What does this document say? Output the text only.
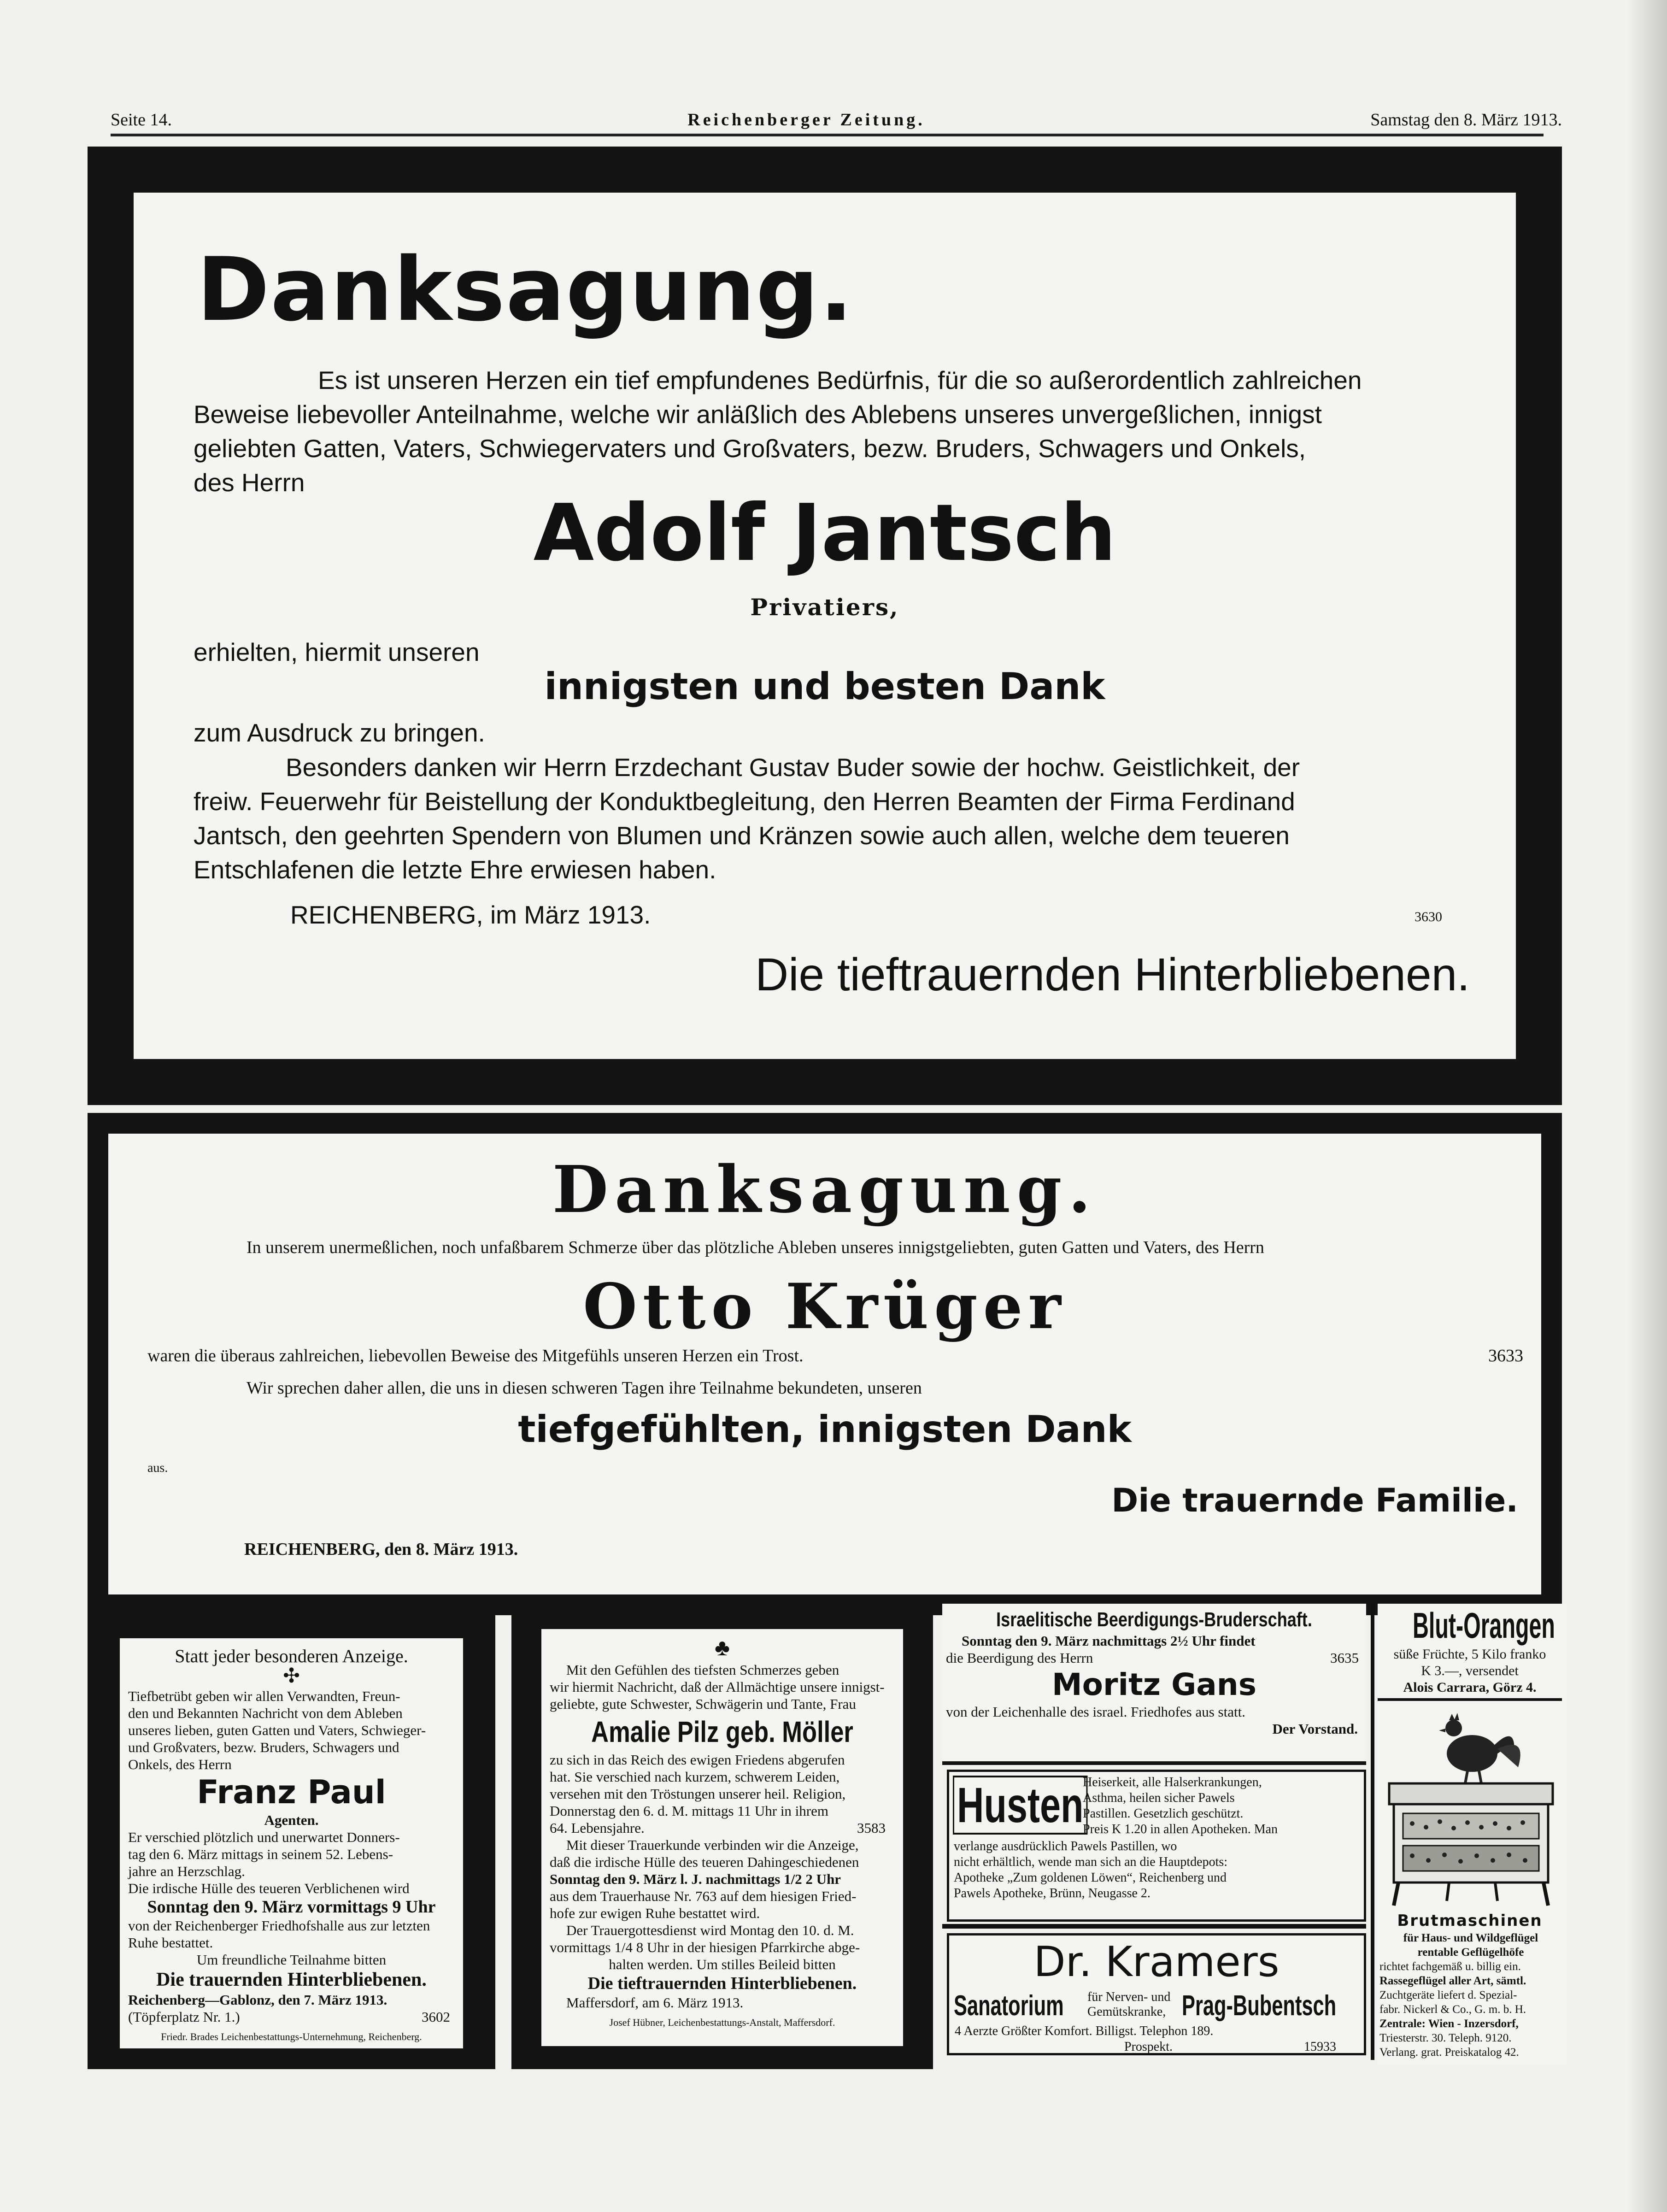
Seite 14.	Reichenberger Zeitung.	Samstag den 8. März 1913.
Danksagung.
Es ist unseren Herzen ein tief empfundenes Bedürfnis, für die so außerordentlich zahlreichen
Beweise liebevoller Anteilnahme, welche wir anläßlich des Ablebens unseres unvergeßlichen, innigst
geliebten Gatten, Vaters, Schwiegervaters und Großvaters, bezw. Bruders, Schwagers und Onkels,
des Herrn
Adolf Jantsch
Privatiers,
erhielten, hiermit unseren
innigsten und besten Dank
zum Ausdruck zu bringen.
Besonders danken wir Herrn Erzdechant Gustav Buder sowie der hochw. Geistlichkeit, der
freiw. Feuerwehr für Beistellung der Konduktbegleitung, den Herren Beamten der Firma Ferdinand
Jantsch, den geehrten Spendern von Blumen und Kränzen sowie auch allen, welche dem teueren
Entschlafenen die letzte Ehre erwiesen haben.
REICHENBERG, im März 1913.	3630
Die tieftrauernden Hinterbliebenen.
Danksagung.
In unserem unermeßlichen, noch unfaßbarem Schmerze über das plötzliche Ableben unseres innigstgeliebten, guten Gatten und Vaters, des Herrn
Otto Krüger
waren die überaus zahlreichen, liebevollen Beweise des Mitgefühls unseren Herzen ein Trost.	3633
Wir sprechen daher allen, die uns in diesen schweren Tagen ihre Teilnahme bekundeten, unseren
tiefgefühlten, innigsten Dank
aus.
Die trauernde Familie.
REICHENBERG, den 8. März 1913.
Statt jeder besonderen Anzeige.
✣
Tiefbetrübt geben wir allen Verwandten, Freun-
den und Bekannten Nachricht von dem Ableben
unseres lieben, guten Gatten und Vaters, Schwieger-
und Großvaters, bezw. Bruders, Schwagers und
Onkels, des Herrn
Franz Paul
Agenten.
Er verschied plötzlich und unerwartet Donners-
tag den 6. März mittags in seinem 52. Lebens-
jahre an Herzschlag.
Die irdische Hülle des teueren Verblichenen wird
Sonntag den 9. März vormittags 9 Uhr
von der Reichenberger Friedhofshalle aus zur letzten
Ruhe bestattet.
Um freundliche Teilnahme bitten
Die trauernden Hinterbliebenen.
Reichenberg—Gablonz, den 7. März 1913.
(Töpferplatz Nr. 1.)	3602
Friedr. Brades Leichenbestattungs-Unternehmung, Reichenberg.
♣
Mit den Gefühlen des tiefsten Schmerzes geben
wir hiermit Nachricht, daß der Allmächtige unsere innigst-
geliebte, gute Schwester, Schwägerin und Tante, Frau
Amalie Pilz geb. Möller
zu sich in das Reich des ewigen Friedens abgerufen
hat. Sie verschied nach kurzem, schwerem Leiden,
versehen mit den Tröstungen unserer heil. Religion,
Donnerstag den 6. d. M. mittags 11 Uhr in ihrem
64. Lebensjahre.	3583
Mit dieser Trauerkunde verbinden wir die Anzeige,
daß die irdische Hülle des teueren Dahingeschiedenen
Sonntag den 9. März l. J. nachmittags 1/2 2 Uhr
aus dem Trauerhause Nr. 763 auf dem hiesigen Fried-
hofe zur ewigen Ruhe bestattet wird.
Der Trauergottesdienst wird Montag den 10. d. M.
vormittags 1/4 8 Uhr in der hiesigen Pfarrkirche abge-
halten werden. Um stilles Beileid bitten
Die tieftrauernden Hinterbliebenen.
Maffersdorf, am 6. März 1913.
Josef Hübner, Leichenbestattungs-Anstalt, Maffersdorf.
Israelitische Beerdigungs-Bruderschaft.
Sonntag den 9. März nachmittags 2½ Uhr findet
die Beerdigung des Herrn	3635
Moritz Gans
von der Leichenhalle des israel. Friedhofes aus statt.
Der Vorstand.
Husten
Heiserkeit, alle Halserkrankungen,
Asthma, heilen sicher Pawels
Pastillen. Gesetzlich geschützt.
Preis K 1.20 in allen Apotheken. Man
verlange ausdrücklich Pawels Pastillen, wo
nicht erhältlich, wende man sich an die Hauptdepots:
Apotheke „Zum goldenen Löwen“, Reichenberg und
Pawels Apotheke, Brünn, Neugasse 2.
Dr. Kramers
Sanatorium für Nerven- und
Gemütskranke, Prag-Bubentsch
4 Aerzte Größter Komfort. Billigst. Telephon 189.
Prospekt.	15933
Blut-Orangen
süße Früchte, 5 Kilo franko
K 3.—, versendet
Alois Carrara, Görz 4.
Brutmaschinen
für Haus- und Wildgeflügel
rentable Geflügelhöfe
richtet fachgemäß u. billig ein.
Rassegeflügel aller Art, sämtl.
Zuchtgeräte liefert d. Spezial-
fabr. Nickerl & Co., G. m. b. H.
Zentrale: Wien - Inzersdorf,
Triesterstr. 30. Teleph. 9120.
Verlang. grat. Preiskatalog 42.
